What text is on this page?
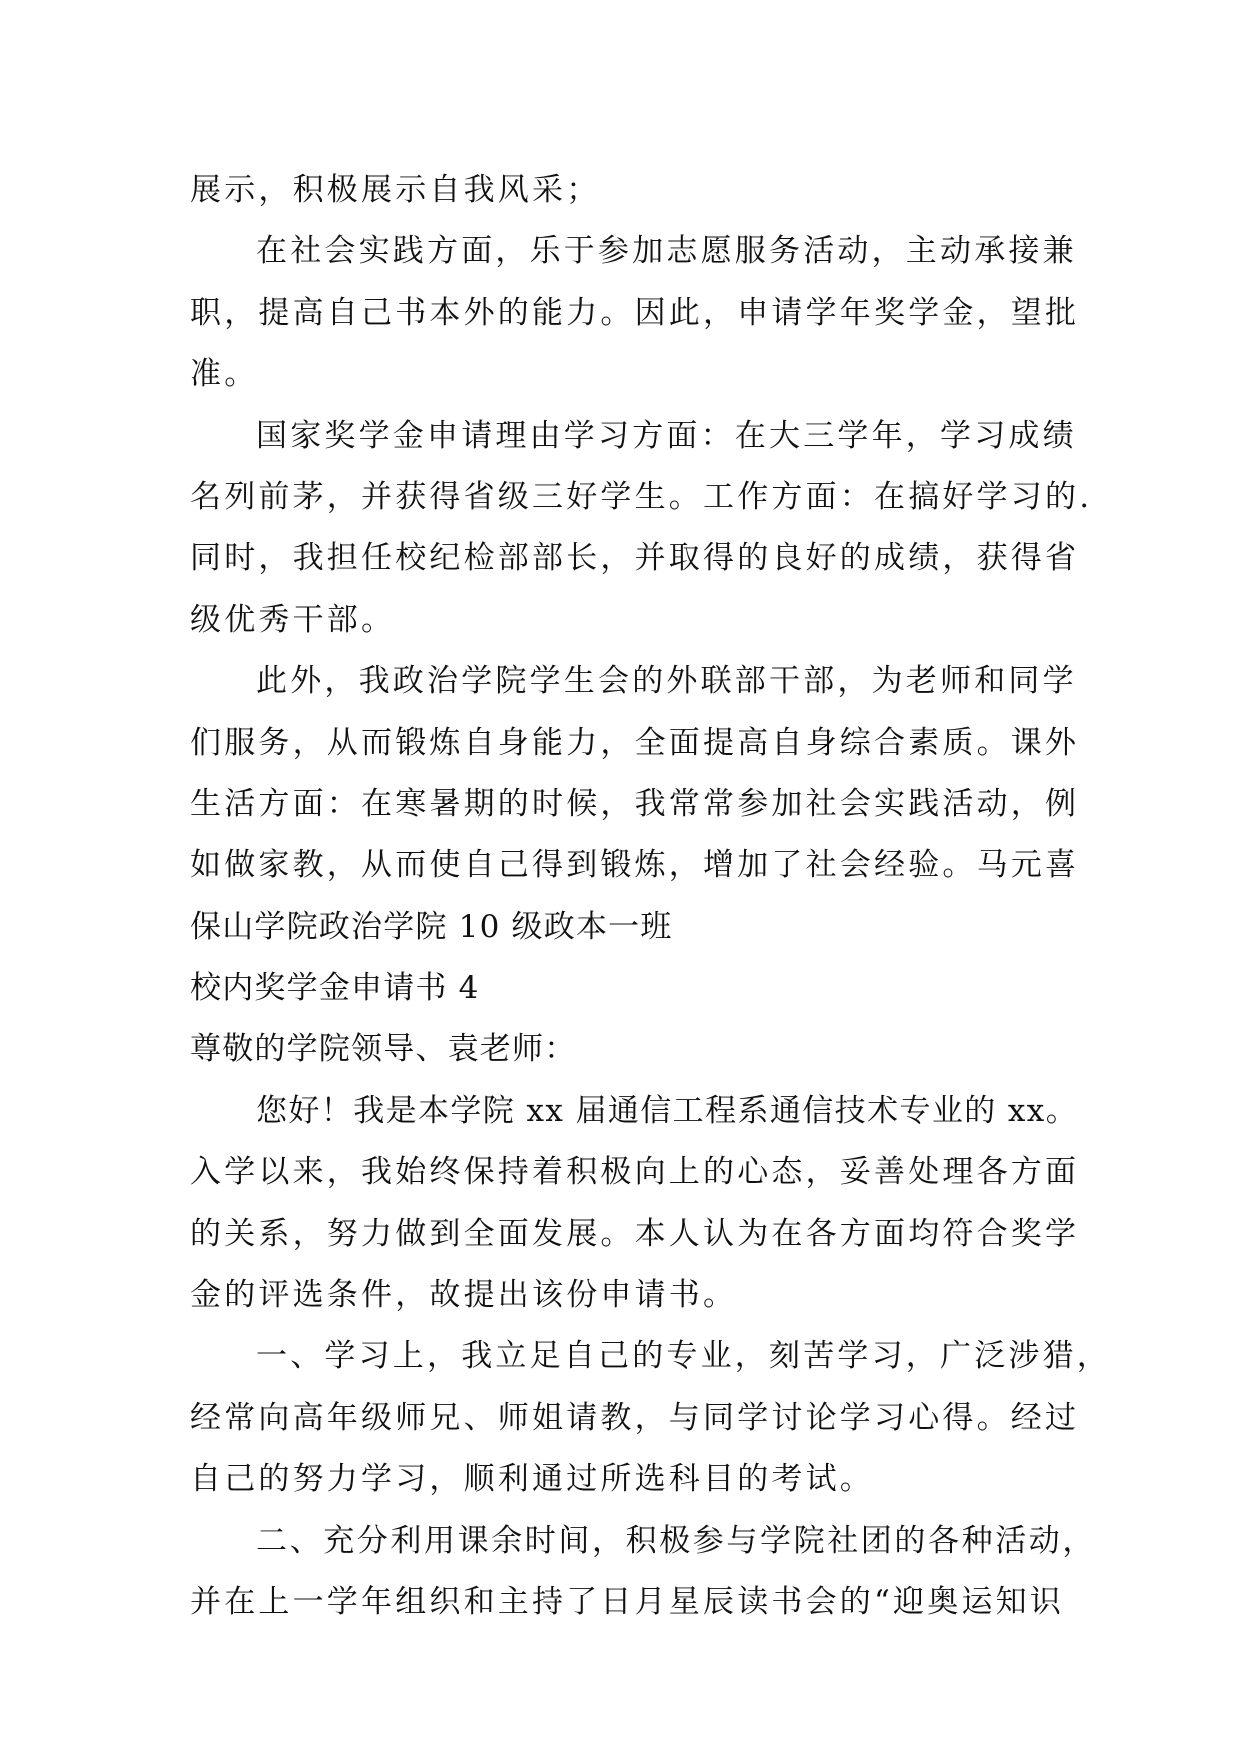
展示，积极展示自我风采；
在社会实践方面，乐于参加志愿服务活动，主动承接兼
职，提高自己书本外的能力。因此，申请学年奖学金，望批
准。
国家奖学金申请理由学习方面：在大三学年，学习成绩
名列前茅，并获得省级三好学生。工作方面：在搞好学习的.
同时，我担任校纪检部部长，并取得的良好的成绩，获得省
级优秀干部。
此外，我政治学院学生会的外联部干部，为老师和同学
们服务，从而锻炼自身能力，全面提高自身综合素质。课外
生活方面：在寒暑期的时候，我常常参加社会实践活动，例
如做家教，从而使自己得到锻炼，增加了社会经验。马元喜
保山学院政治学院 10 级政本一班
校内奖学金申请书 4
尊敬的学院领导、袁老师：
您好！我是本学院 xx 届通信工程系通信技术专业的 xx。
入学以来，我始终保持着积极向上的心态，妥善处理各方面
的关系，努力做到全面发展。本人认为在各方面均符合奖学
金的评选条件，故提出该份申请书。
一、学习上，我立足自己的专业，刻苦学习，广泛涉猎，
经常向高年级师兄、师姐请教，与同学讨论学习心得。经过
自己的努力学习，顺利通过所选科目的考试。
二、充分利用课余时间，积极参与学院社团的各种活动，
并在上一学年组织和主持了日月星辰读书会的“迎奥运知识
